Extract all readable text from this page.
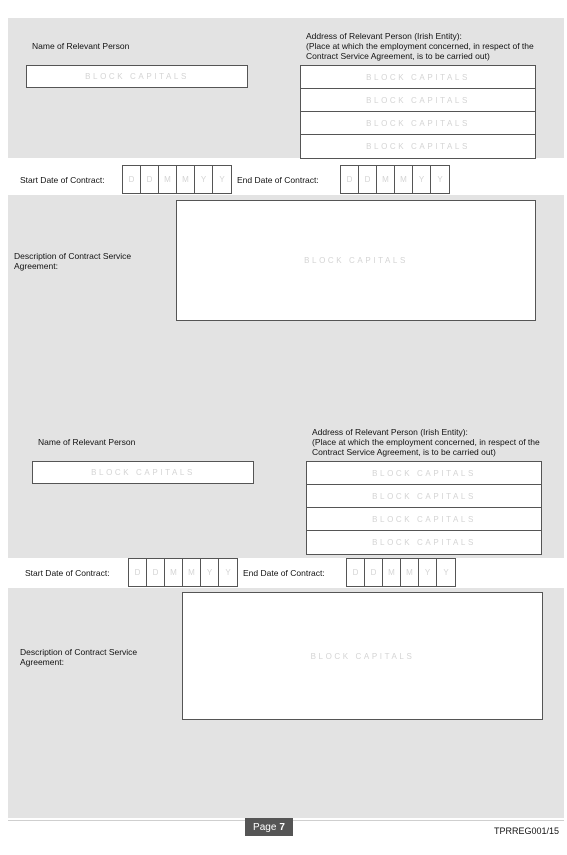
Name of Relevant Person
BLOCK CAPITALS
Address of Relevant Person (Irish Entity):
(Place at which the employment concerned, in respect of the Contract Service Agreement, is to be carried out)
BLOCK CAPITALS
BLOCK CAPITALS
BLOCK CAPITALS
BLOCK CAPITALS
Start Date of Contract:	D	D	M	M	Y	Y	End Date of Contract:	D	D	M	M	Y	Y
Description of Contract Service Agreement:
BLOCK CAPITALS
Name of Relevant Person
BLOCK CAPITALS
Address of Relevant Person (Irish Entity):
(Place at which the employment concerned, in respect of the Contract Service Agreement, is to be carried out)
BLOCK CAPITALS
BLOCK CAPITALS
BLOCK CAPITALS
BLOCK CAPITALS
Start Date of Contract:	D	D	M	M	Y	Y	End Date of Contract:	D	D	M	M	Y	Y
Description of Contract Service Agreement:
BLOCK CAPITALS
Page 7	TPRREG001/15
